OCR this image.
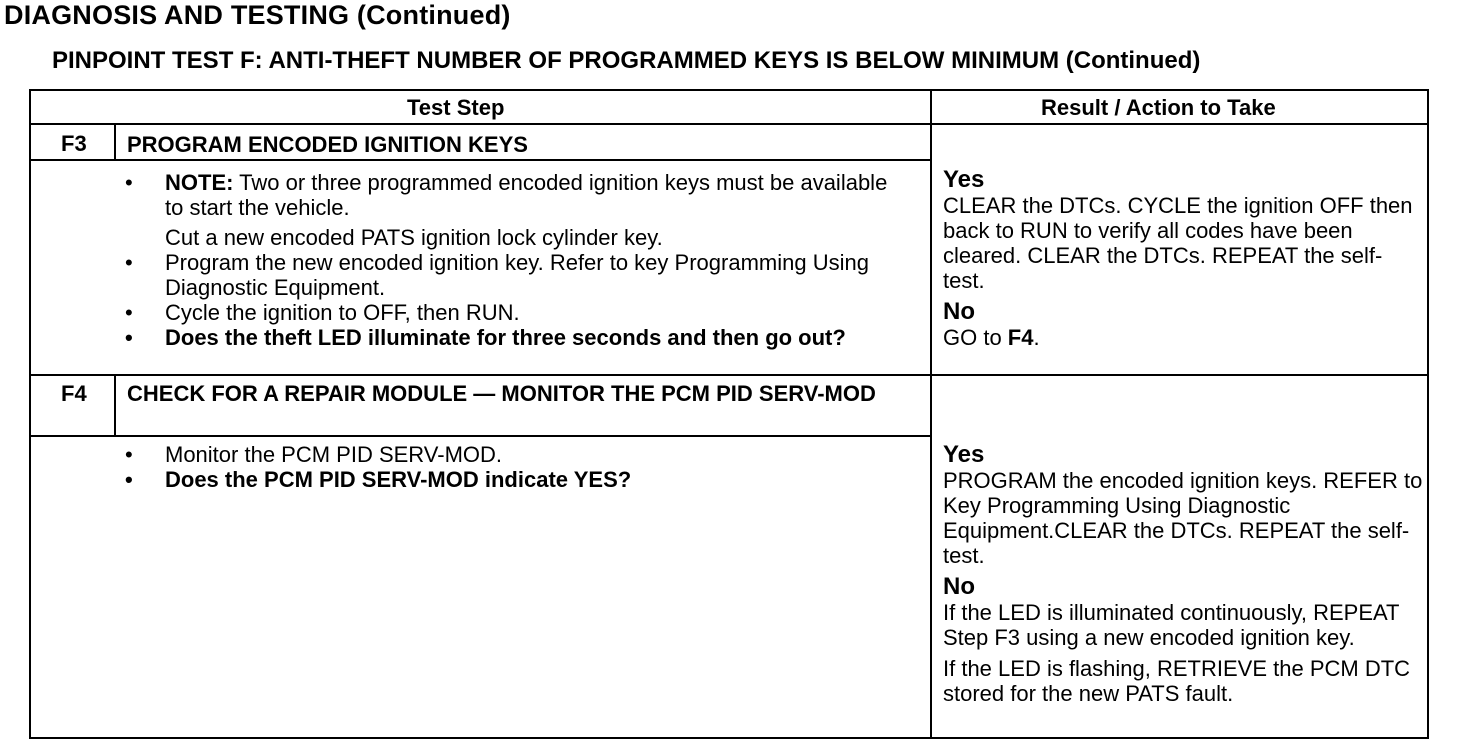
DIAGNOSIS AND TESTING (Continued)
PINPOINT TEST F: ANTI-THEFT NUMBER OF PROGRAMMED KEYS IS BELOW MINIMUM (Continued)
Test Step	Result / Action to Take
F3 PROGRAM ENCODED IGNITION KEYS
• NOTE: Two or three programmed encoded ignition keys must be available to start the vehicle.
Cut a new encoded PATS ignition lock cylinder key.
• Program the new encoded ignition key. Refer to key Programming Using Diagnostic Equipment.
• Cycle the ignition to OFF, then RUN.
• Does the theft LED illuminate for three seconds and then go out?
Yes
CLEAR the DTCs. CYCLE the ignition OFF then back to RUN to verify all codes have been cleared. CLEAR the DTCs. REPEAT the self-test.
No
GO to F4.
F4 CHECK FOR A REPAIR MODULE — MONITOR THE PCM PID SERV-MOD
• Monitor the PCM PID SERV-MOD.
• Does the PCM PID SERV-MOD indicate YES?
Yes
PROGRAM the encoded ignition keys. REFER to Key Programming Using Diagnostic Equipment.CLEAR the DTCs. REPEAT the self-test.
No
If the LED is illuminated continuously, REPEAT Step F3 using a new encoded ignition key.
If the LED is flashing, RETRIEVE the PCM DTC stored for the new PATS fault.
